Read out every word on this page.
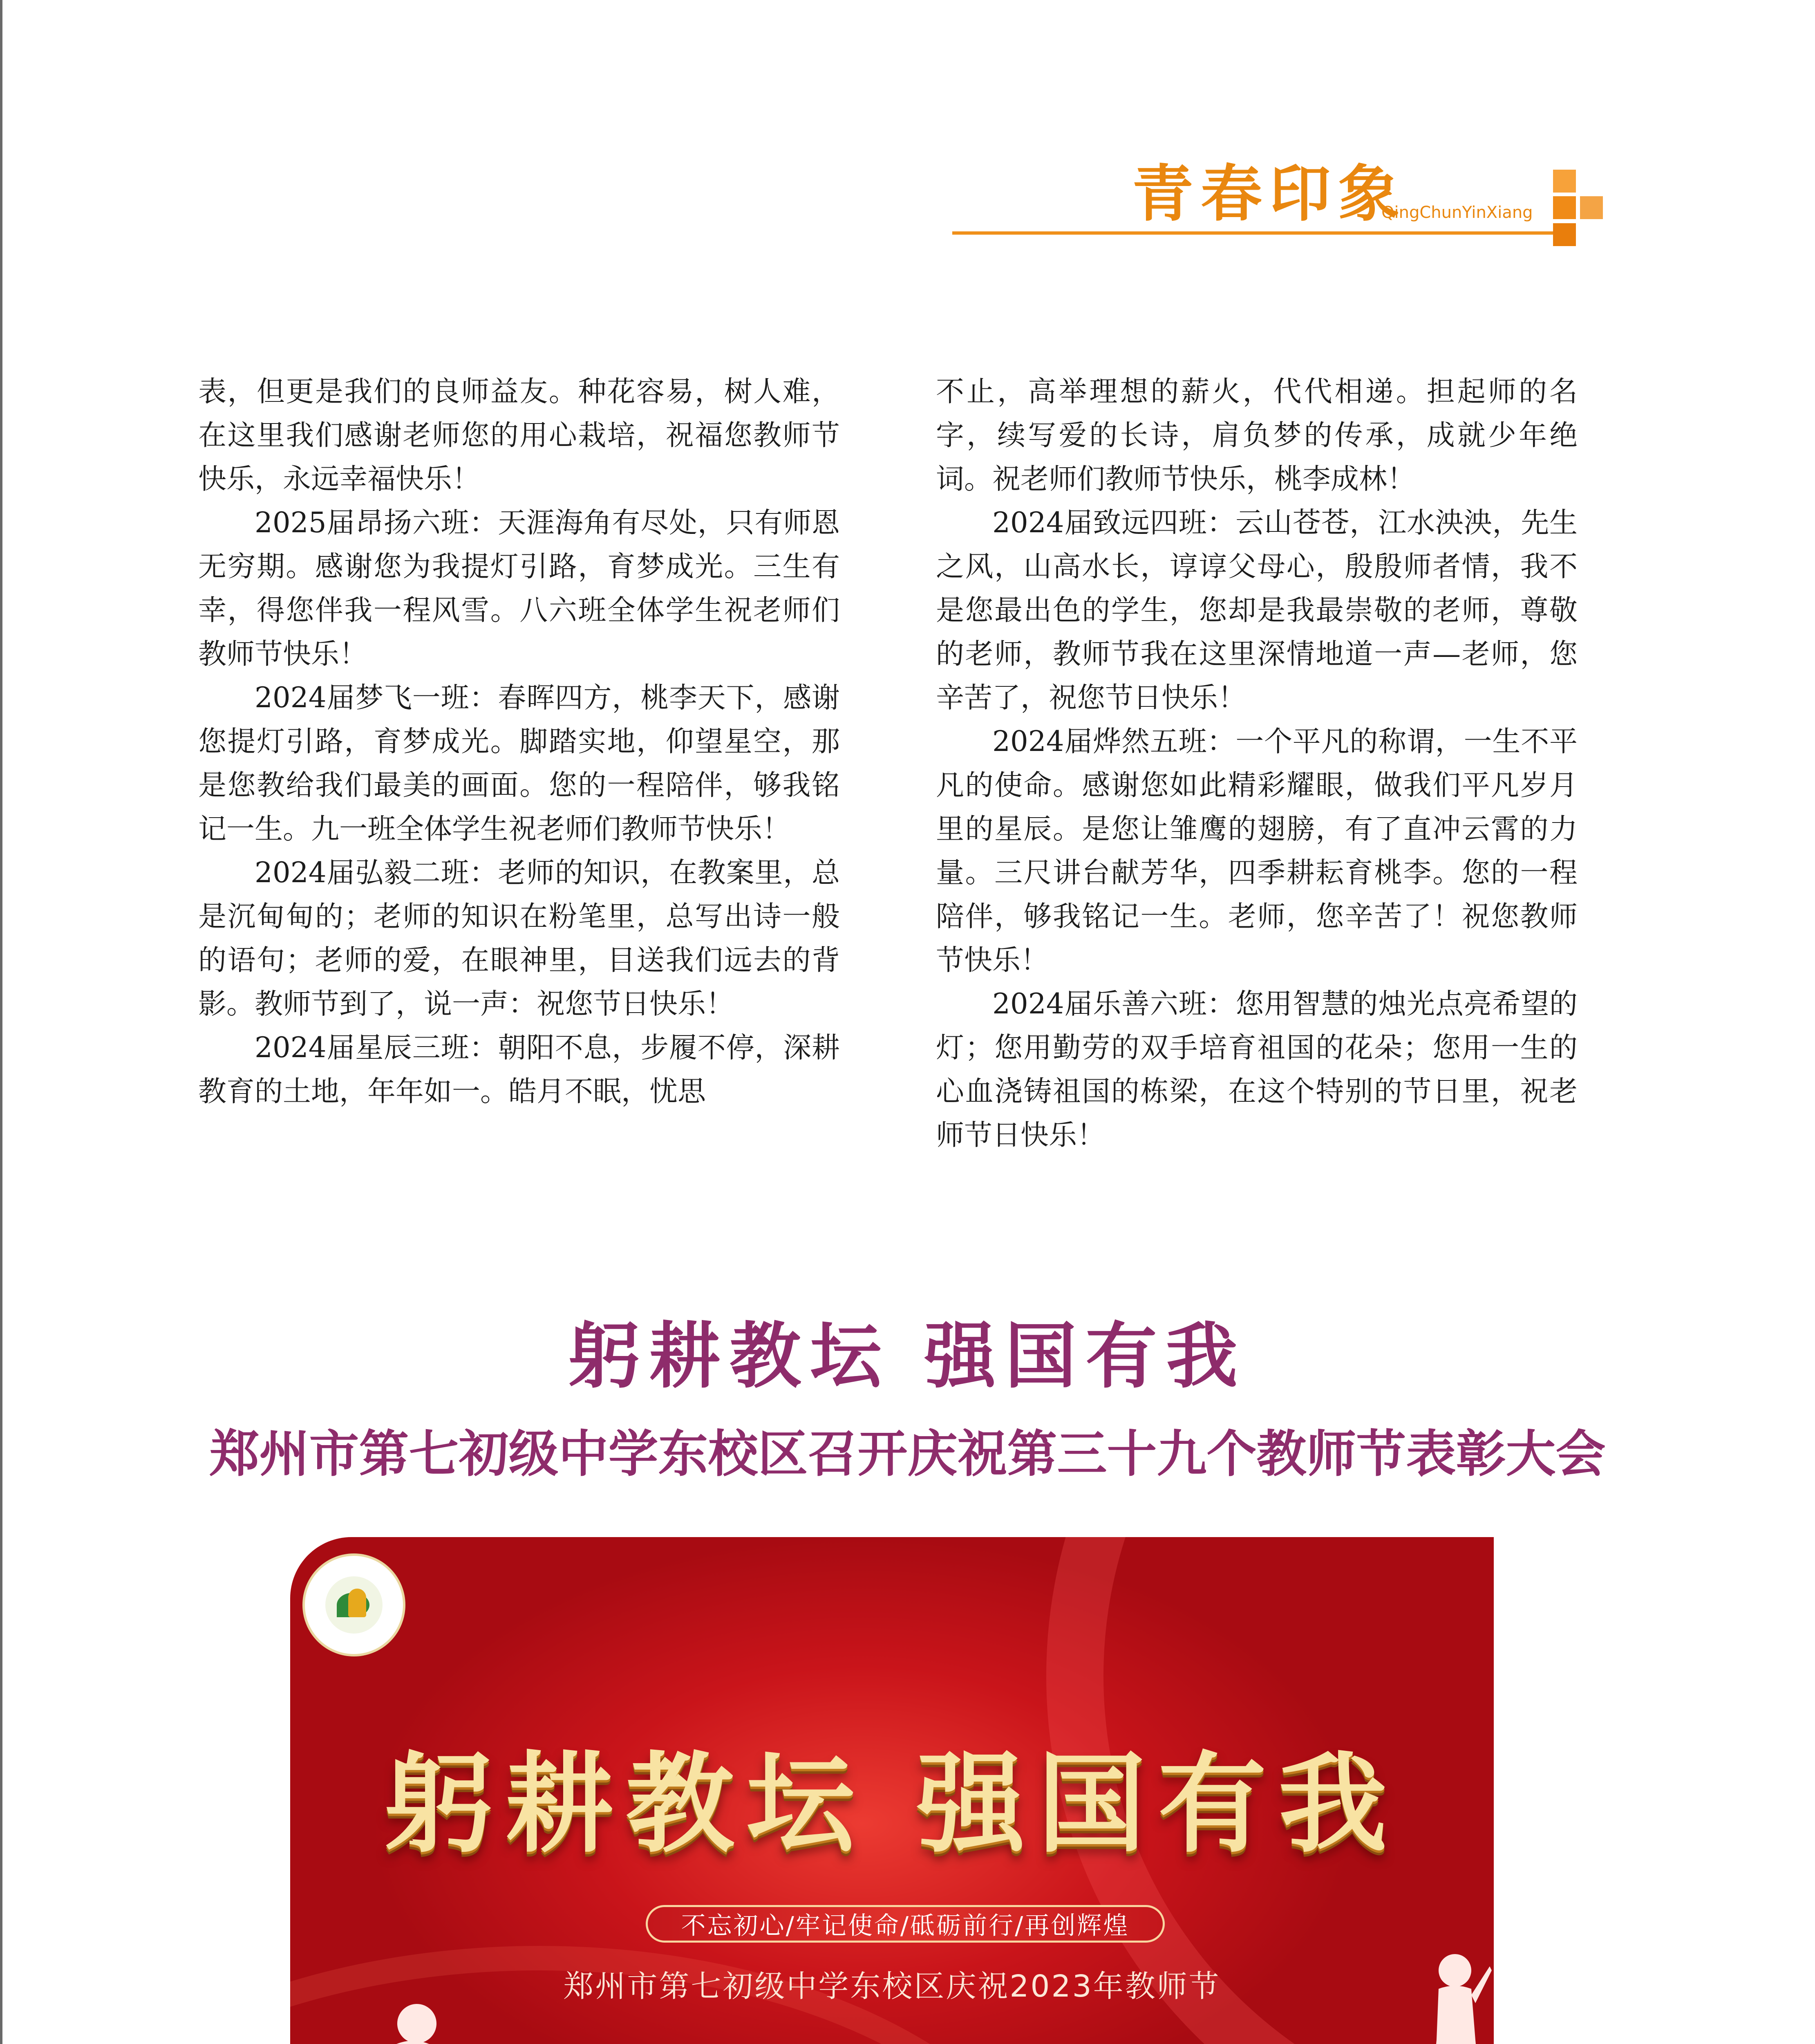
青春印象
QingChunYinXiang

表，但更是我们的良师益友。种花容易，树人难，在这里我们感谢老师您的用心栽培，祝福您教师节快乐，永远幸福快乐！

2025届昂扬六班：天涯海角有尽处，只有师恩无穷期。感谢您为我提灯引路，育梦成光。三生有幸，得您伴我一程风雪。八六班全体学生祝老师们教师节快乐！

2024届梦飞一班：春晖四方，桃李天下，感谢您提灯引路，育梦成光。脚踏实地，仰望星空，那是您教给我们最美的画面。您的一程陪伴，够我铭记一生。九一班全体学生祝老师们教师节快乐！

2024届弘毅二班：老师的知识，在教案里，总是沉甸甸的；老师的知识在粉笔里，总写出诗一般的语句；老师的爱，在眼神里，目送我们远去的背影。教师节到了，说一声：祝您节日快乐！

2024届星辰三班：朝阳不息，步履不停，深耕教育的土地，年年如一。皓月不眠，忧思

不止，高举理想的薪火，代代相递。担起师的名字，续写爱的长诗，肩负梦的传承，成就少年绝词。祝老师们教师节快乐，桃李成林！

2024届致远四班：云山苍苍，江水泱泱，先生之风，山高水长，谆谆父母心，殷殷师者情，我不是您最出色的学生，您却是我最崇敬的老师，尊敬的老师，教师节我在这里深情地道一声—老师，您辛苦了，祝您节日快乐！

2024届烨然五班：一个平凡的称谓，一生不平凡的使命。感谢您如此精彩耀眼，做我们平凡岁月里的星辰。是您让雏鹰的翅膀，有了直冲云霄的力量。三尺讲台献芳华，四季耕耘育桃李。您的一程陪伴，够我铭记一生。老师，您辛苦了！祝您教师节快乐！

2024届乐善六班：您用智慧的烛光点亮希望的灯；您用勤劳的双手培育祖国的花朵；您用一生的心血浇铸祖国的栋梁，在这个特别的节日里，祝老师节日快乐！

躬耕教坛 强国有我
郑州市第七初级中学东校区召开庆祝第三十九个教师节表彰大会
躬耕教坛 强国有我
不忘初心/牢记使命/砥砺前行/再创辉煌

郑州市第七初级中学东校区庆祝2023年教师节
